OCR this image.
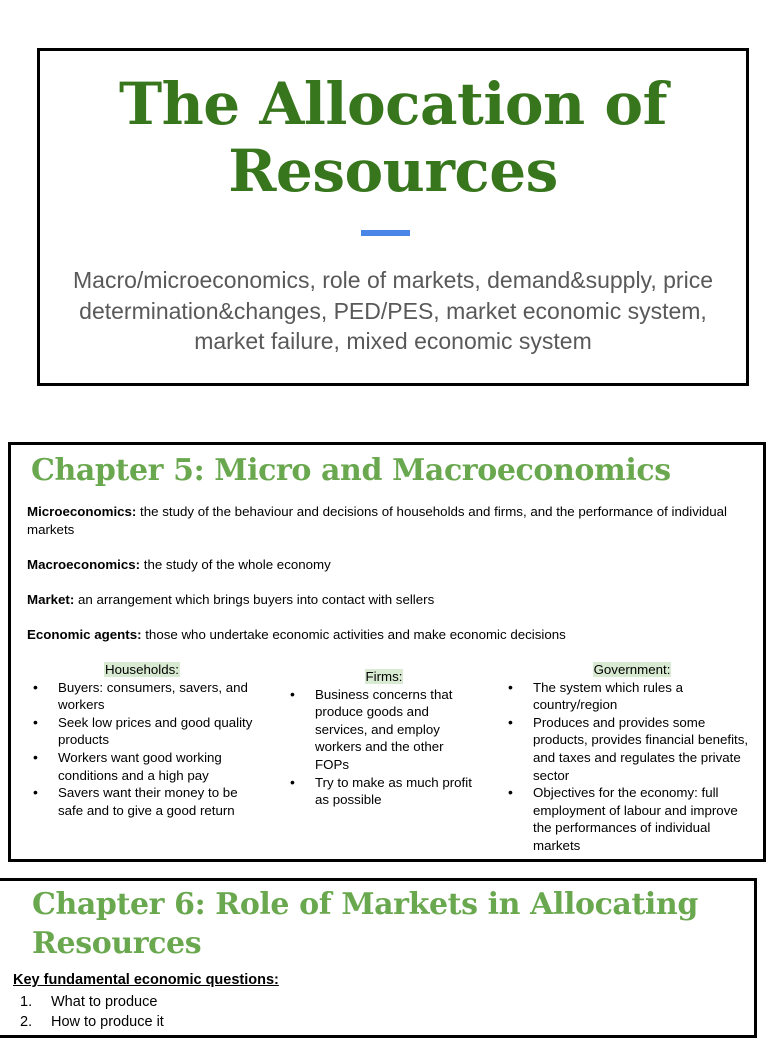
The Allocation of Resources
Macro/microeconomics, role of markets, demand&supply, price determination&changes, PED/PES, market economic system, market failure, mixed economic system
Chapter 5: Micro and Macroeconomics
Microeconomics: the study of the behaviour and decisions of households and firms, and the performance of individual markets
Macroeconomics: the study of the whole economy
Market: an arrangement which brings buyers into contact with sellers
Economic agents: those who undertake economic activities and make economic decisions
Households:
• Buyers: consumers, savers, and workers
• Seek low prices and good quality products
• Workers want good working conditions and a high pay
• Savers want their money to be safe and to give a good return
Firms:
• Business concerns that produce goods and services, and employ workers and the other FOPs
• Try to make as much profit as possible
Government:
• The system which rules a country/region
• Produces and provides some products, provides financial benefits, and taxes and regulates the private sector
• Objectives for the economy: full employment of labour and improve the performances of individual markets
Chapter 6: Role of Markets in Allocating Resources
Key fundamental economic questions:
1. What to produce
2. How to produce it
